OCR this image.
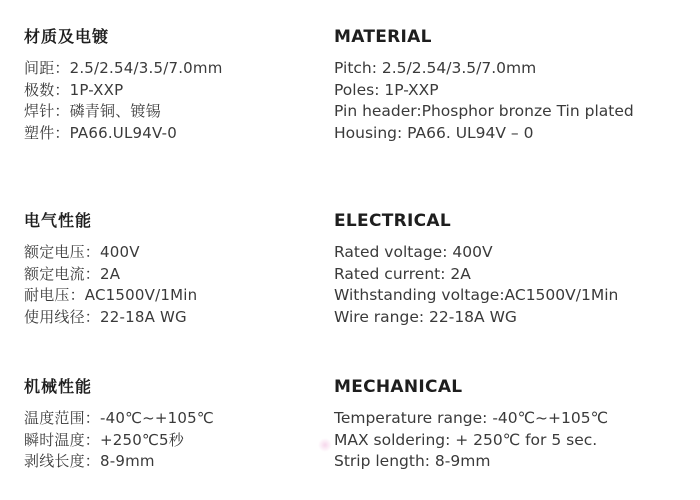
材质及电镀
间距：2.5/2.54/3.5/7.0mm
极数：1P-XXP
焊针：磷青铜、镀锡
塑件：PA66.UL94V-0
电气性能
额定电压：400V
额定电流：2A
耐电压：AC1500V/1Min
使用线径：22-18A WG
机械性能
温度范围：-40℃~+105℃
瞬时温度：+250℃5秒
剥线长度：8-9mm
MATERIAL
Pitch: 2.5/2.54/3.5/7.0mm
Poles: 1P-XXP
Pin header:Phosphor bronze Tin plated
Housing: PA66. UL94V – 0
ELECTRICAL
Rated voltage: 400V
Rated current: 2A
Withstanding voltage:AC1500V/1Min
Wire range: 22-18A WG
MECHANICAL
Temperature range: -40℃~+105℃
MAX soldering: + 250℃ for 5 sec.
Strip length: 8-9mm
